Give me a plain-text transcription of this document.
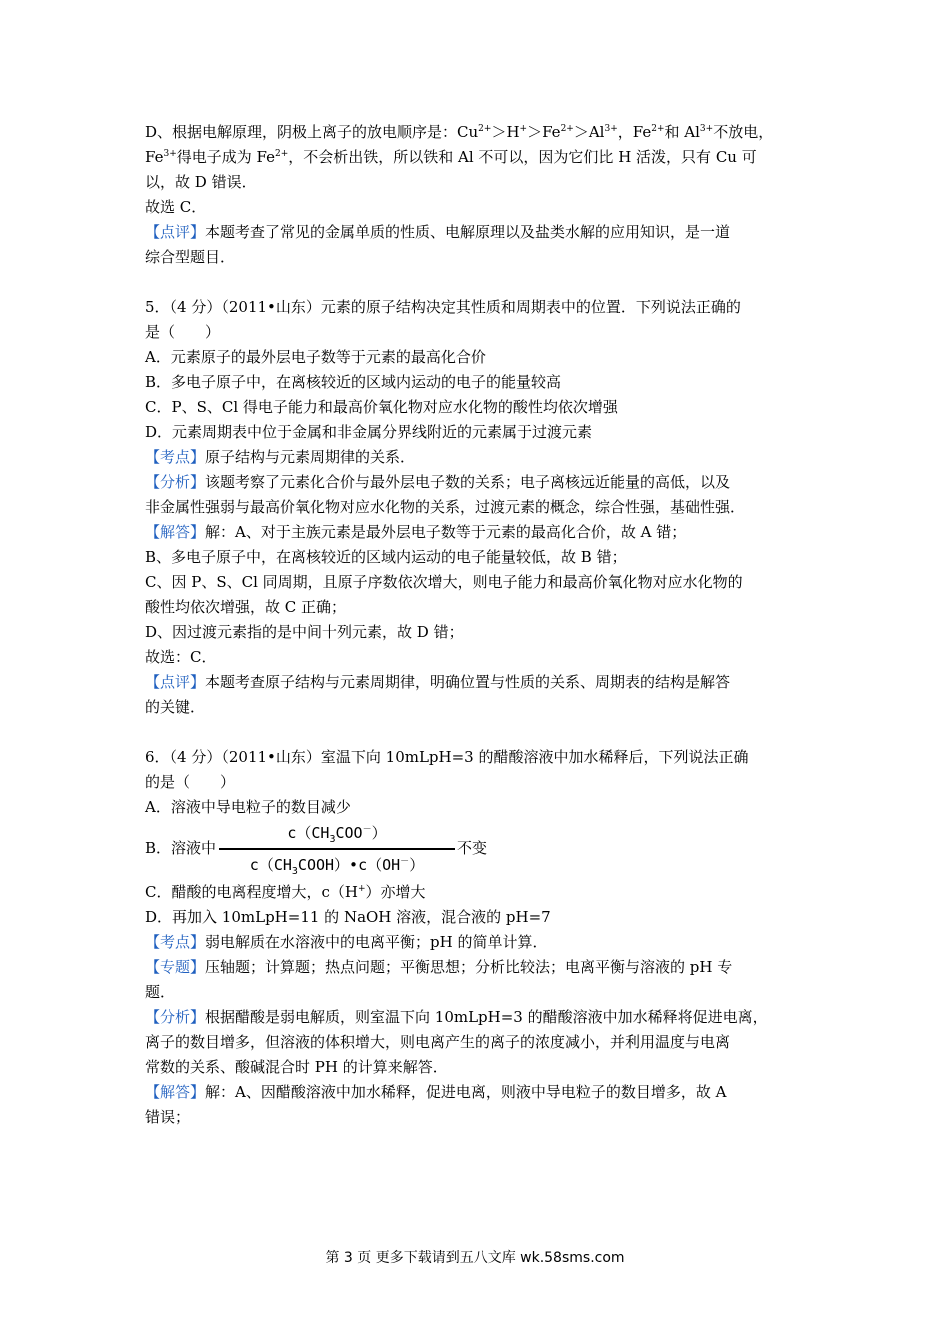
D、根据电解原理，阴极上离子的放电顺序是：$Cu^{2+}>H^+>Fe^{2+}>Al^{3+}$，$Fe^{2+}$和 $Al^{3+}$不放电，
$Fe^{3+}$得电子成为 $Fe^{2+}$，不会析出铁，所以铁和 Al 不可以，因为它们比 H 活泼，只有 Cu 可
以，故 D 错误．
故选 C．
【点评】本题考查了常见的金属单质的性质、电解原理以及盐类水解的应用知识，是一道
综合型题目．
5．（4 分）（2011•山东）元素的原子结构决定其性质和周期表中的位置．下列说法正确的
是（　　）
A．元素原子的最外层电子数等于元素的最高化合价
B．多电子原子中，在离核较近的区域内运动的电子的能量较高
C．P、S、Cl 得电子能力和最高价氧化物对应水化物的酸性均依次增强
D．元素周期表中位于金属和非金属分界线附近的元素属于过渡元素
【考点】原子结构与元素周期律的关系．
【分析】该题考察了元素化合价与最外层电子数的关系；电子离核远近能量的高低，以及
非金属性强弱与最高价氧化物对应水化物的关系，过渡元素的概念，综合性强，基础性强．
【解答】解：A、对于主族元素是最外层电子数等于元素的最高化合价，故 A 错；
B、多电子原子中，在离核较近的区域内运动的电子能量较低，故 B 错；
C、因 P、S、Cl 同周期，且原子序数依次增大，则电子能力和最高价氧化物对应水化物的
酸性均依次增强，故 C 正确；
D、因过渡元素指的是中间十列元素，故 D 错；
故选：C．
【点评】本题考查原子结构与元素周期律，明确位置与性质的关系、周期表的结构是解答
的关键．
6．（4 分）（2011•山东）室温下向 10mLpH=3 的醋酸溶液中加水稀释后，下列说法正确
的是（　　）
A．溶液中导电粒子的数目减少
B．溶液中
$c(CH_3COO^-)$
$c(CH_3COOH)•c(OH^-)$
不变
C．醋酸的电离程度增大，c（H+）亦增大
D．再加入 10mLpH=11 的 NaOH 溶液，混合液的 pH=7
【考点】弱电解质在水溶液中的电离平衡；pH 的简单计算．
【专题】压轴题；计算题；热点问题；平衡思想；分析比较法；电离平衡与溶液的 pH 专
题．
【分析】根据醋酸是弱电解质，则室温下向 10mLpH=3 的醋酸溶液中加水稀释将促进电离，
离子的数目增多，但溶液的体积增大，则电离产生的离子的浓度减小，并利用温度与电离
常数的关系、酸碱混合时 PH 的计算来解答．
【解答】解：A、因醋酸溶液中加水稀释，促进电离，则液中导电粒子的数目增多，故 A
错误；
第 3 页 更多下载请到五八文库 wk.58sms.com
